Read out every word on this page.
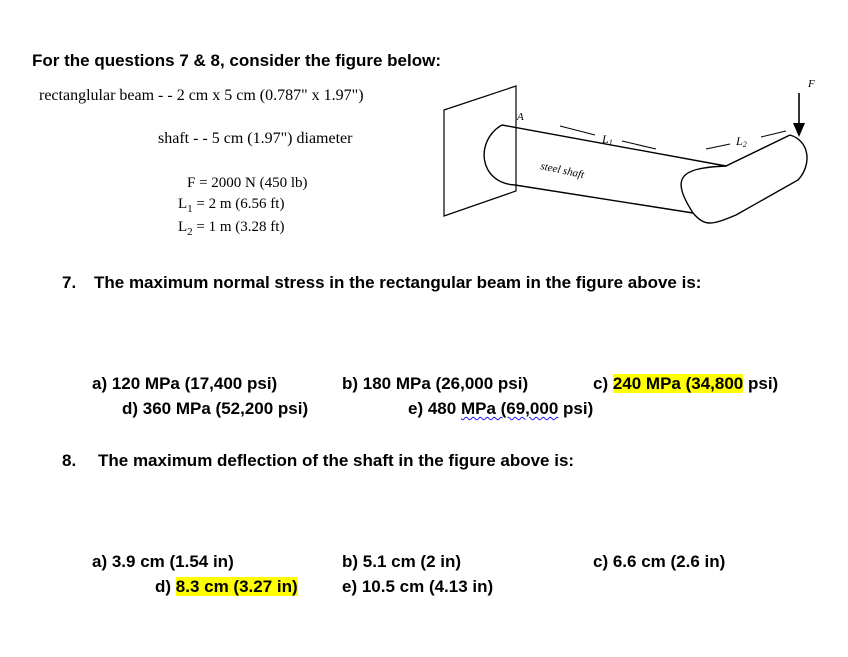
For the questions 7 & 8, consider the figure below:
rectanglular beam - - 2 cm x 5 cm (0.787" x 1.97")
shaft - - 5 cm (1.97") diameter
F = 2000 N (450 lb)
$L_1 = 2$ m (6.56 ft)
$L_2 = 1$ m (3.28 ft)
L1	L2
A
steel shaft
F
7. The maximum normal stress in the rectangular beam in the figure above is:
a) 120 MPa (17,400 psi)	b) 180 MPa (26,000 psi)	c) 240 MPa (34,800 psi)
d) 360 MPa (52,200 psi)	e) 480 MPa (69,000 psi)
8. The maximum deflection of the shaft in the figure above is:
a) 3.9 cm (1.54 in)	b) 5.1 cm (2 in)	c) 6.6 cm (2.6 in)
d) 8.3 cm (3.27 in)	e) 10.5 cm (4.13 in)
